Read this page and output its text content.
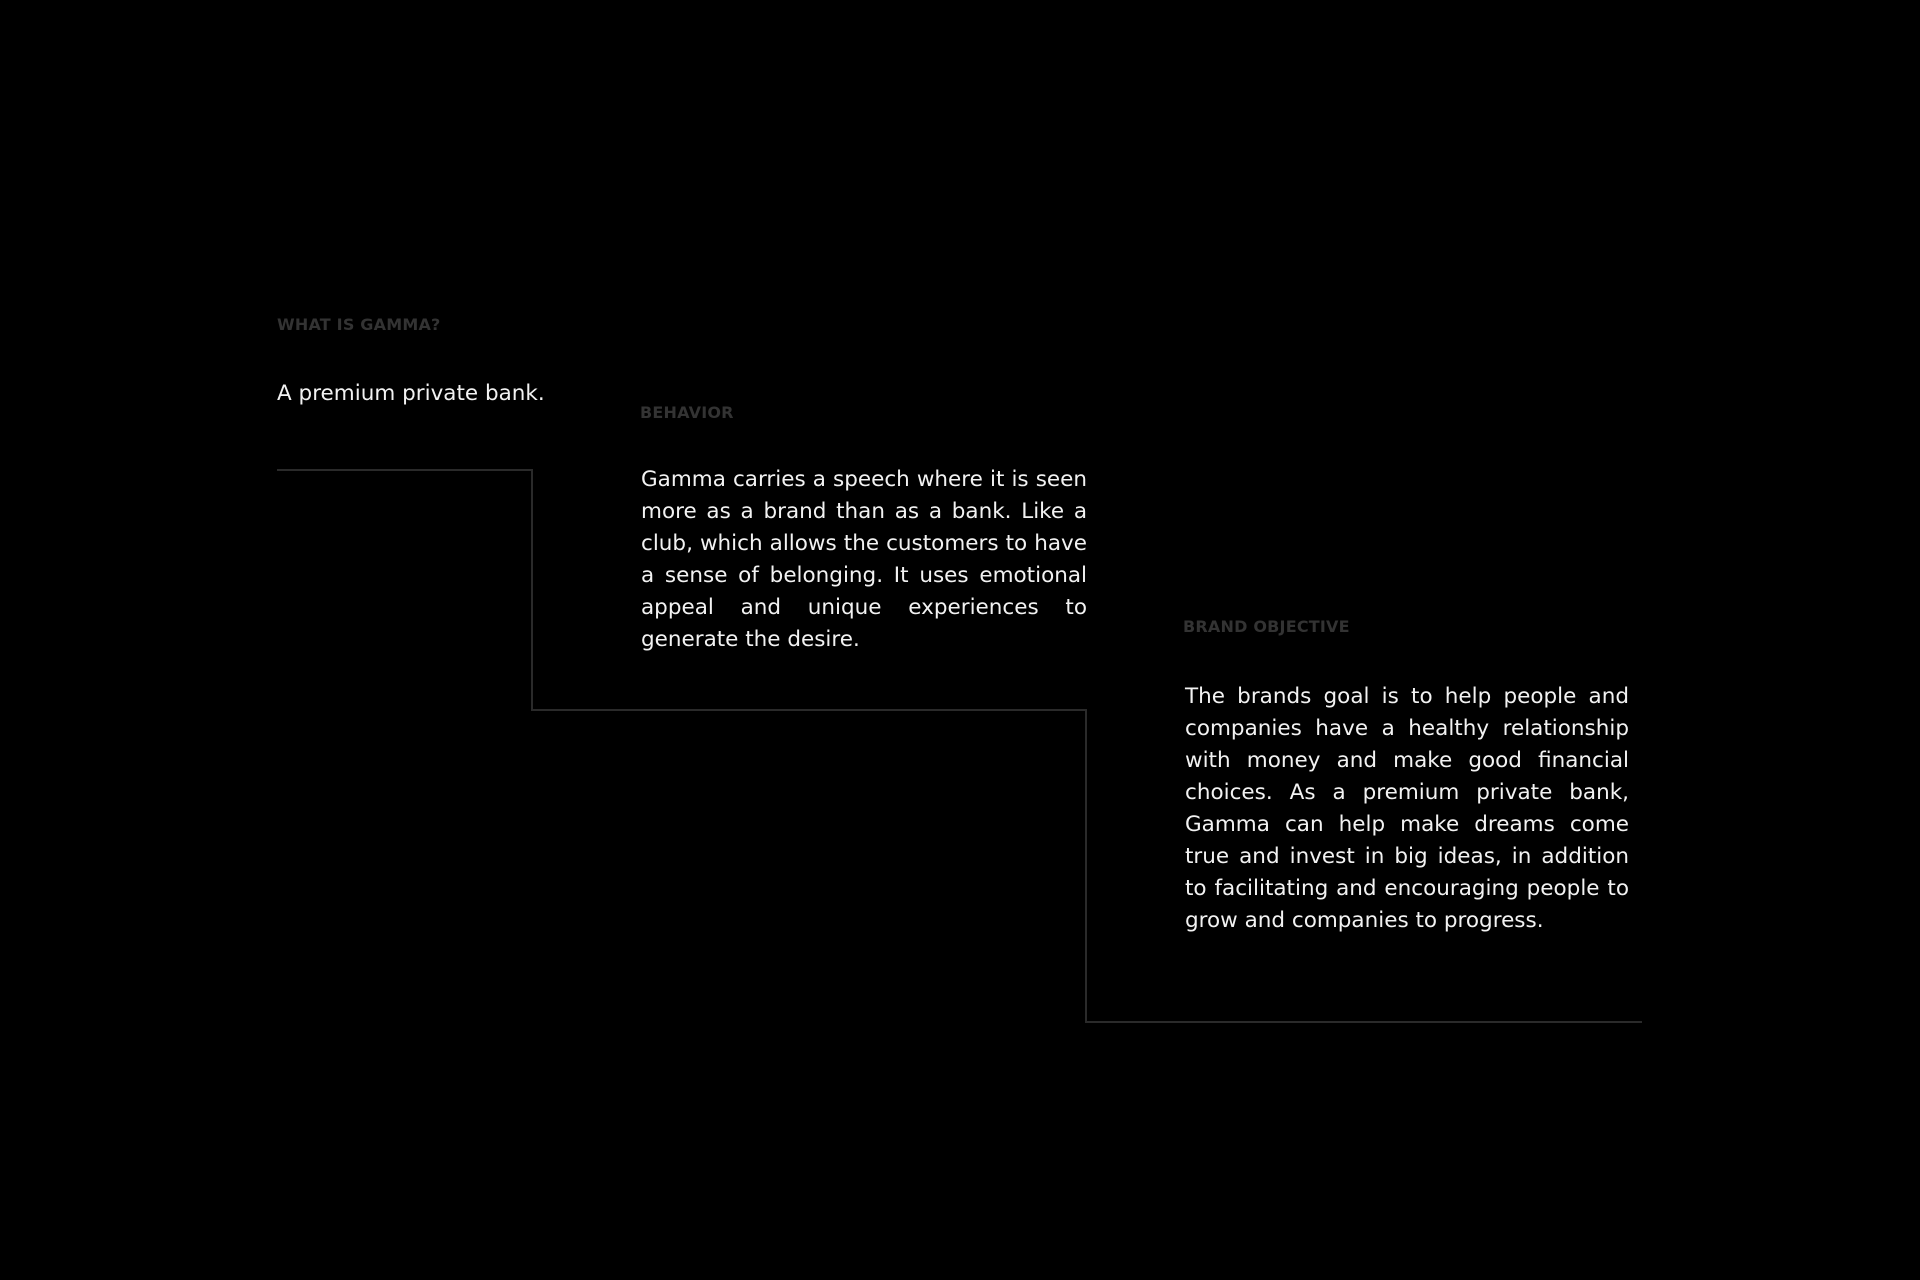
WHAT IS GAMMA?
A premium private bank.
BEHAVIOR
Gamma carries a speech where it is seen more as a brand than as a bank. Like a club, which allows the customers to have a sense of belonging. It uses emotional appeal and unique experiences to generate the desire.
BRAND OBJECTIVE
The brands goal is to help people and companies have a healthy relationship with money and make good financial choices. As a premium private bank, Gamma can help make dreams come true and invest in big ideas, in addition to facilitating and encouraging people to grow and companies to progress.
